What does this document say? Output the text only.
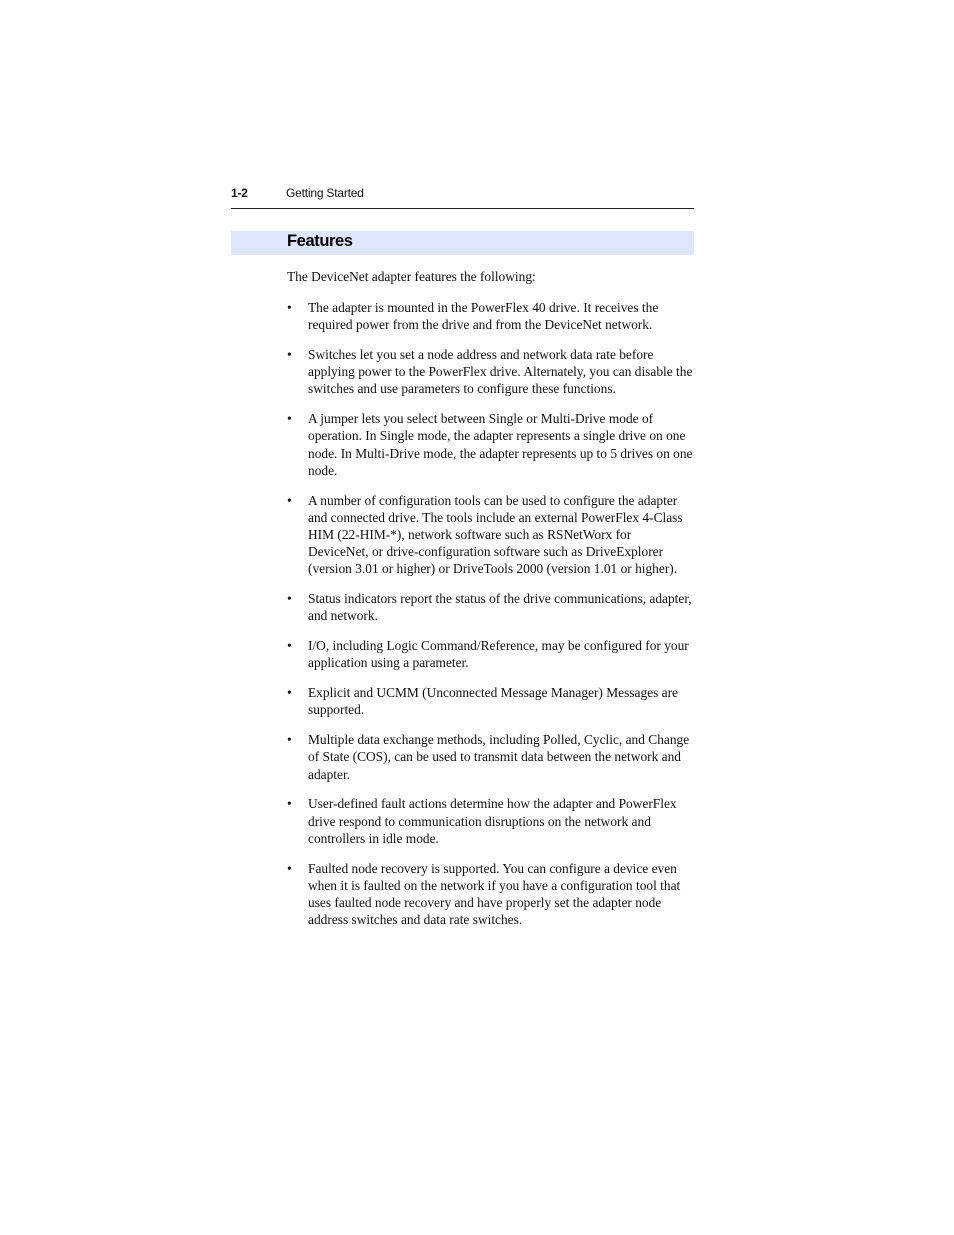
1-2	Getting Started
Features

The DeviceNet adapter features the following:

• The adapter is mounted in the PowerFlex 40 drive. It receives the required power from the drive and from the DeviceNet network.
• Switches let you set a node address and network data rate before applying power to the PowerFlex drive. Alternately, you can disable the switches and use parameters to configure these functions.
• A jumper lets you select between Single or Multi-Drive mode of operation. In Single mode, the adapter represents a single drive on one node. In Multi-Drive mode, the adapter represents up to 5 drives on one node.
• A number of configuration tools can be used to configure the adapter and connected drive. The tools include an external PowerFlex 4-Class HIM (22-HIM-*), network software such as RSNetWorx for DeviceNet, or drive-configuration software such as DriveExplorer (version 3.01 or higher) or DriveTools 2000 (version 1.01 or higher).
• Status indicators report the status of the drive communications, adapter, and network.
• I/O, including Logic Command/Reference, may be configured for your application using a parameter.
• Explicit and UCMM (Unconnected Message Manager) Messages are supported.
• Multiple data exchange methods, including Polled, Cyclic, and Change of State (COS), can be used to transmit data between the network and adapter.
• User-defined fault actions determine how the adapter and PowerFlex drive respond to communication disruptions on the network and controllers in idle mode.
• Faulted node recovery is supported. You can configure a device even when it is faulted on the network if you have a configuration tool that uses faulted node recovery and have properly set the adapter node address switches and data rate switches.
